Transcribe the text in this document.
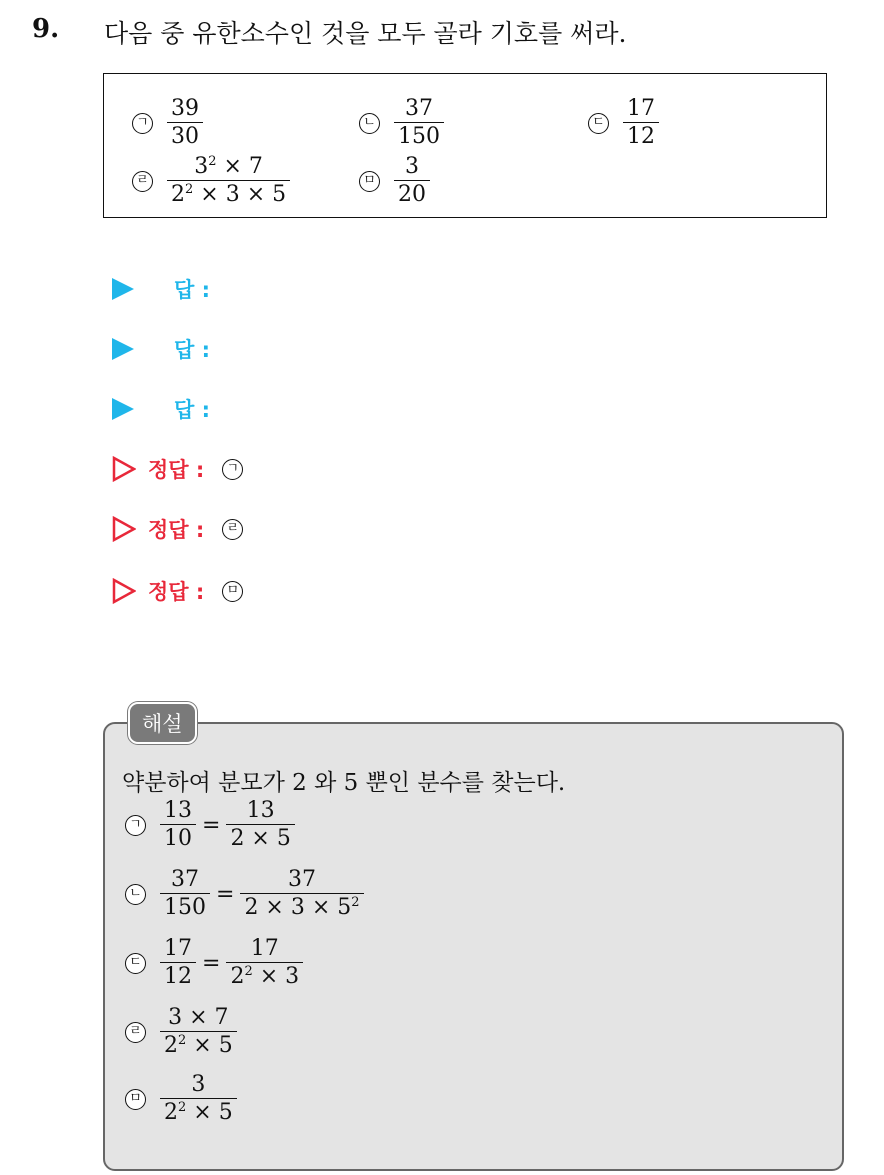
9. 다음 중 유한소수인 것을 모두 골라 기호를 써라.
ㄱ $\frac{39}{30}$	ㄴ $\frac{37}{150}$	ㄷ $\frac{17}{12}$
ㄹ $\frac{3^2 \times 7}{2^2 \times 3 \times 5}$	ㅁ $\frac{3}{20}$
답 :
답 :
답 :
정답 :	ㄱ
정답 :	ㄹ
정답 :	ㅁ
해설
약분하여 분모가 2 와 5 뿐인 분수를 찾는다.
ㄱ $\frac{13}{10} = \frac{13}{2 \times 5}$
ㄴ $\frac{37}{150} = \frac{37}{2 \times 3 \times 5^2}$
ㄷ $\frac{17}{12} = \frac{17}{2^2 \times 3}$
ㄹ $\frac{3 \times 7}{2^2 \times 5}$
ㅁ $\frac{3}{2^2 \times 5}$
